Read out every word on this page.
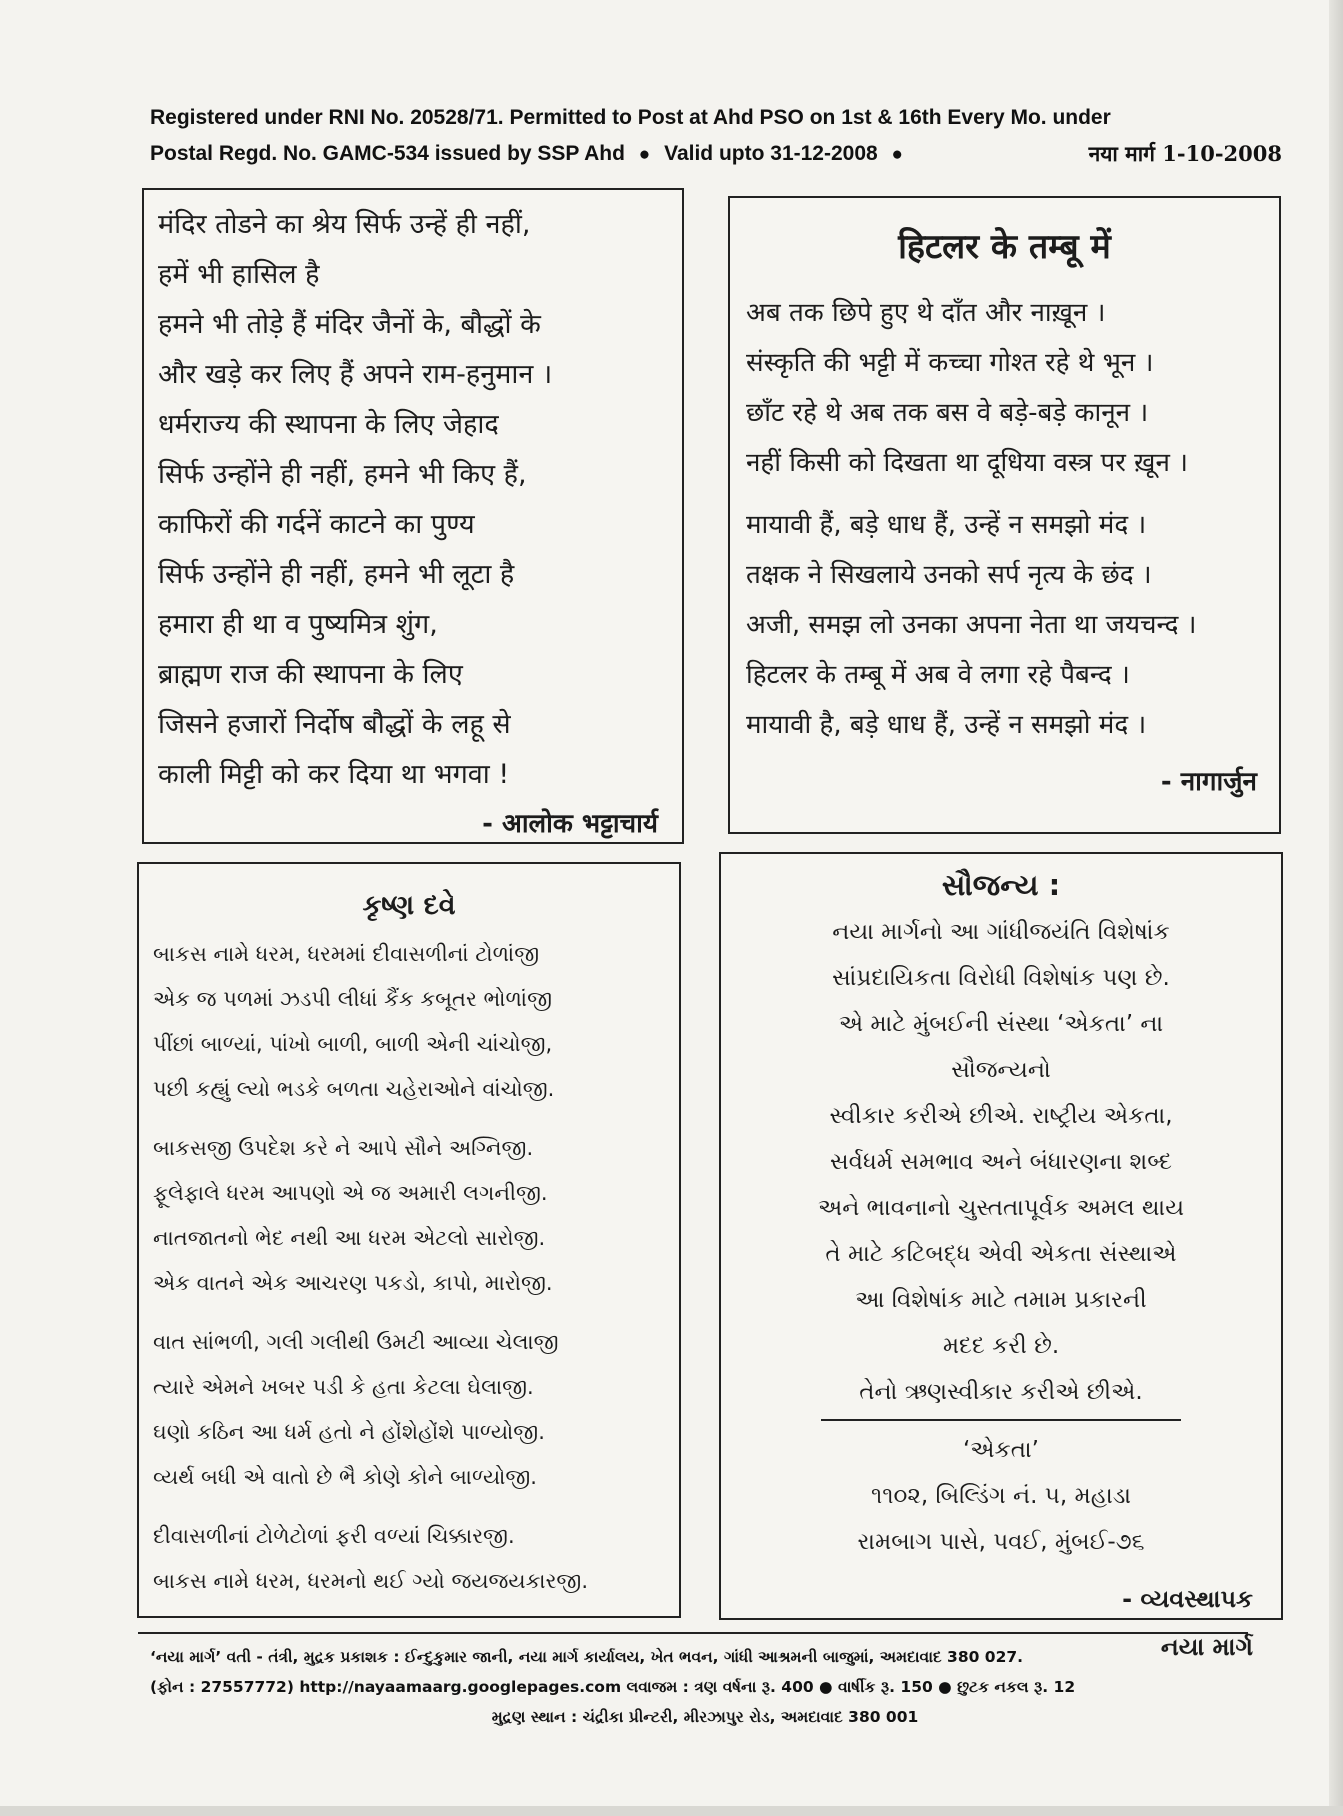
Registered under RNI No. 20528/71. Permitted to Post at Ahd PSO on 1st & 16th Every Mo. under
Postal Regd. No. GAMC-534 issued by SSP Ahd ● Valid upto 31-12-2008 ●	नया मार्ग 1-10-2008

मंदिर तोडने का श्रेय सिर्फ उन्हें ही नहीं,

हमें भी हासिल है

हमने भी तोड़े हैं मंदिर जैनों के, बौद्धों के

और खड़े कर लिए हैं अपने राम-हनुमान ।

धर्मराज्य की स्थापना के लिए जेहाद

सिर्फ उन्होंने ही नहीं, हमने भी किए हैं,

काफिरों की गर्दनें काटने का पुण्य

सिर्फ उन्होंने ही नहीं, हमने भी लूटा है

हमारा ही था व पुष्यमित्र शुंग,

ब्राह्मण राज की स्थापना के लिए

जिसने हजारों निर्दोष बौद्धों के लहू से

काली मिट्टी को कर दिया था भगवा !

- आलोक भट्टाचार्य
हिटलर के तम्बू में

अब तक छिपे हुए थे दाँत और नाख़ून ।

संस्कृति की भट्टी में कच्चा गोश्त रहे थे भून ।

छाँट रहे थे अब तक बस वे बड़े-बड़े कानून ।

नहीं किसी को दिखता था दूधिया वस्त्र पर ख़ून ।

मायावी हैं, बड़े धाध हैं, उन्हें न समझो मंद ।

तक्षक ने सिखलाये उनको सर्प नृत्य के छंद ।

अजी, समझ लो उनका अपना नेता था जयचन्द ।

हिटलर के तम्बू में अब वे लगा रहे पैबन्द ।

मायावी है, बड़े धाध हैं, उन्हें न समझो मंद ।

- नागार्जुन
કૃષ્ણ દવે

બાકસ નામે ધરમ, ધરમમાં દીવાસળીનાં ટોળાંજી

એક જ પળમાં ઝડપી લીધાં કૈંક કબૂતર ભોળાંજી

પીંછાં બાળ્યાં, પાંખો બાળી, બાળી એની ચાંચોજી,

પછી કહ્યું લ્યો ભડકે બળતા ચહેરાઓને વાંચોજી.

બાકસજી ઉપદેશ કરે ને આપે સૌને અગ્નિજી.

ફૂલેફાલે ધરમ આપણો એ જ અમારી લગનીજી.

નાતજાતનો ભેદ નથી આ ધરમ એટલો સારોજી.

એક વાતને એક આચરણ પકડો, કાપો, મારોજી.

વાત સાંભળી, ગલી ગલીથી ઉમટી આવ્યા ચેલાજી

ત્યારે એમને ખબર પડી કે હતા કેટલા ઘેલાજી.

ઘણો કઠિન આ ધર્મ હતો ને હોંશેહોંશે પાળ્યોજી.

વ્યર્થ બધી એ વાતો છે ભૈ કોણે કોને બાળ્યોજી.

દીવાસળીનાં ટોળેટોળાં ફરી વળ્યાં ચિક્કારજી.

બાકસ નામે ધરમ, ધરમનો થઈ ગ્યો જયજયકારજી.

સૌજન્ય :

નયા માર્ગનો આ ગાંધીજયંતિ વિશેષાંક

સાંપ્રદાયિકતા વિરોધી વિશેષાંક પણ છે.

એ માટે મુંબઈની સંસ્થા ‘એકતા’ ના

સૌજન્યનો

સ્વીકાર કરીએ છીએ. રાષ્ટ્રીય એકતા,

સર્વધર્મ સમભાવ અને બંધારણના શબ્દ

અને ભાવનાનો ચુસ્તતાપૂર્વક અમલ થાય

તે માટે કટિબદ્ધ એવી એકતા સંસ્થાએ

આ વિશેષાંક માટે તમામ પ્રકારની

મદદ કરી છે.

તેનો ઋણસ્વીકાર કરીએ છીએ.

‘એકતા’

૧૧૦૨, બિલ્ડિંગ નં. ૫, મહાડા

રામબાગ પાસે, પવઈ, મુંબઈ-૭૬

- વ્યવસ્થાપક
નયા માર્ગ
‘નયા માર્ગ’ વતી - તંત્રી, મુદ્રક પ્રકાશક : ઈન્દુકુમાર જાની, નયા માર્ગ કાર્યાલય, ખેત ભવન, ગાંધી આશ્રમની બાજુમાં, અમદાવાદ 380 027.
(ફોન : 27557772) http://nayaamaarg.googlepages.com લવાજમ : ત્રણ વર્ષના રૂ. 400 ● વાર્ષીક રૂ. 150 ● છુટક નકલ રૂ. 12
મુદ્રણ સ્થાન : ચંદ્રીકા પ્રીન્ટરી, મીરઝાપુર રોડ, અમદાવાદ 380 001
